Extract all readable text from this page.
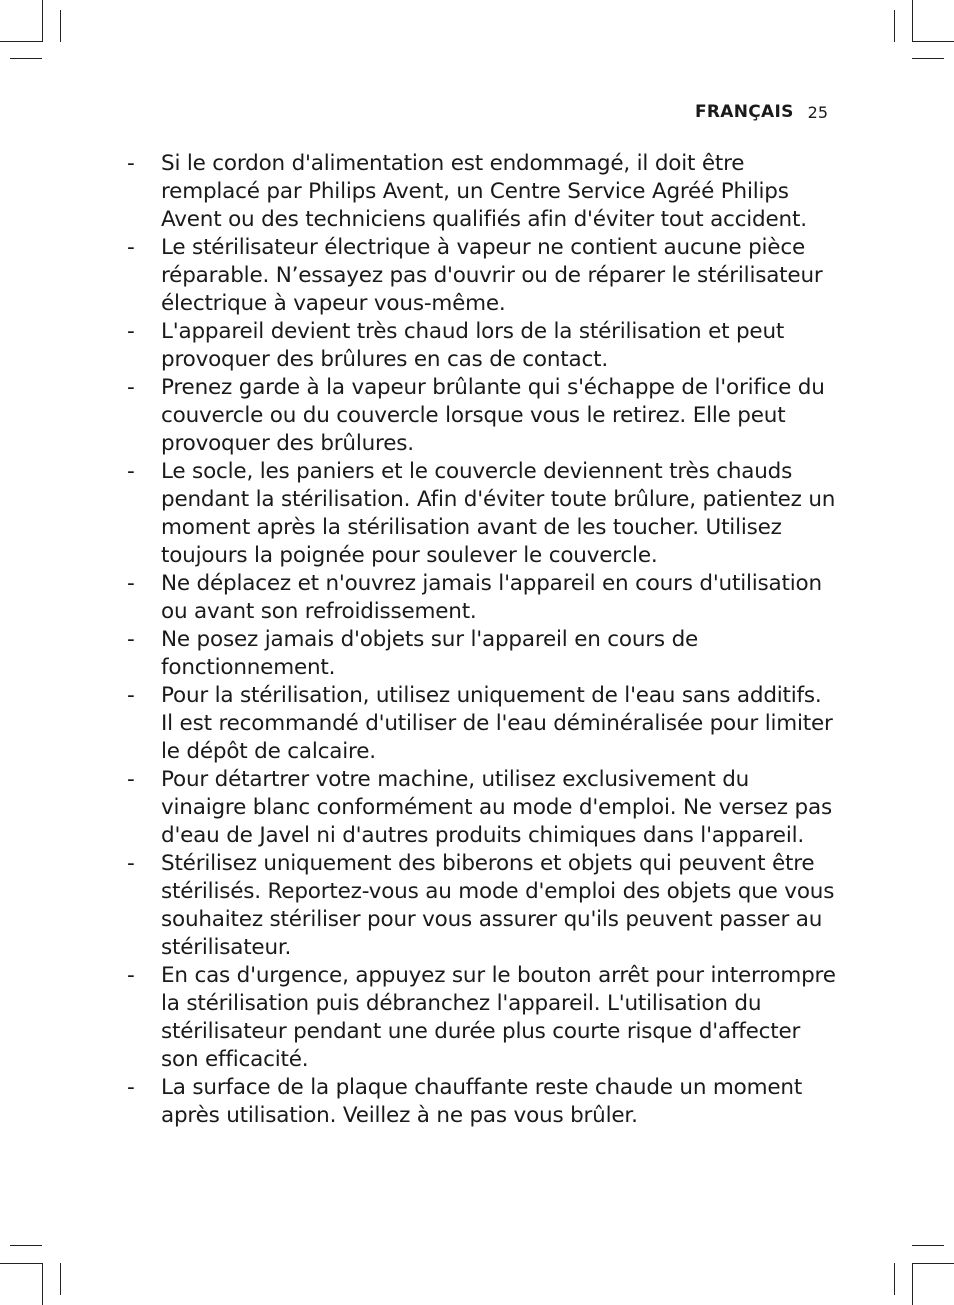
FRANÇAIS 25
-	Si le cordon d'alimentation est endommagé, il doit être remplacé par Philips Avent, un Centre Service Agréé Philips Avent ou des techniciens qualifiés afin d'éviter tout accident.
-	Le stérilisateur électrique à vapeur ne contient aucune pièce réparable. N’essayez pas d'ouvrir ou de réparer le stérilisateur électrique à vapeur vous-même.
-	L'appareil devient très chaud lors de la stérilisation et peut provoquer des brûlures en cas de contact.
-	Prenez garde à la vapeur brûlante qui s'échappe de l'orifice du couvercle ou du couvercle lorsque vous le retirez. Elle peut provoquer des brûlures.
-	Le socle, les paniers et le couvercle deviennent très chauds pendant la stérilisation. Afin d'éviter toute brûlure, patientez un moment après la stérilisation avant de les toucher. Utilisez toujours la poignée pour soulever le couvercle.
-	Ne déplacez et n'ouvrez jamais l'appareil en cours d'utilisation ou avant son refroidissement.
-	Ne posez jamais d'objets sur l'appareil en cours de fonctionnement.
-	Pour la stérilisation, utilisez uniquement de l'eau sans additifs. Il est recommandé d'utiliser de l'eau déminéralisée pour limiter le dépôt de calcaire.
-	Pour détartrer votre machine, utilisez exclusivement du vinaigre blanc conformément au mode d'emploi. Ne versez pas d'eau de Javel ni d'autres produits chimiques dans l'appareil.
-	Stérilisez uniquement des biberons et objets qui peuvent être stérilisés. Reportez-vous au mode d'emploi des objets que vous souhaitez stériliser pour vous assurer qu'ils peuvent passer au stérilisateur.
-	En cas d'urgence, appuyez sur le bouton arrêt pour interrompre la stérilisation puis débranchez l'appareil. L'utilisation du stérilisateur pendant une durée plus courte risque d'affecter son efficacité.
-	La surface de la plaque chauffante reste chaude un moment après utilisation. Veillez à ne pas vous brûler.
